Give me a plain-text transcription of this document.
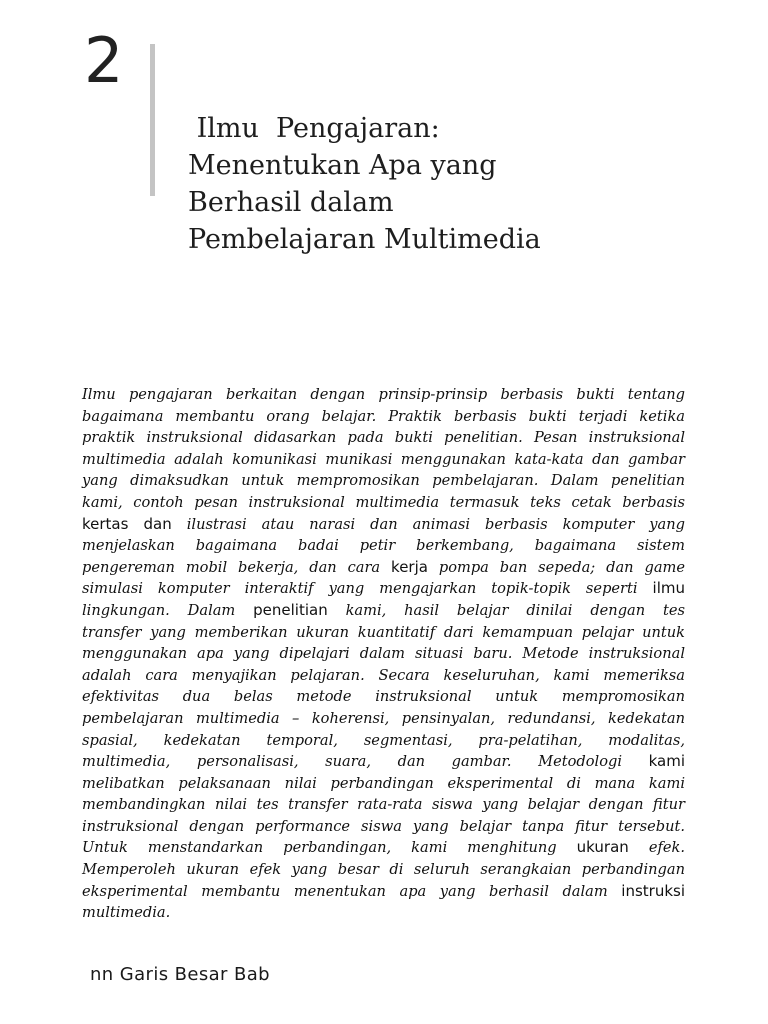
2
Ilmu  Pengajaran:
Menentukan Apa yang
Berhasil dalam
Pembelajaran Multimedia
Ilmu pengajaran berkaitan dengan prinsip-prinsip berbasis bukti tentang
bagaimana membantu orang belajar. Praktik berbasis bukti terjadi ketika
praktik instruksional didasarkan pada bukti penelitian. Pesan instruksional
multimedia adalah komunikasi munikasi menggunakan kata-kata dan gambar
yang dimaksudkan untuk mempromosikan pembelajaran. Dalam penelitian
kami, contoh pesan instruksional multimedia termasuk teks cetak berbasis
kertas dan ilustrasi atau narasi dan animasi berbasis komputer yang
menjelaskan bagaimana badai petir berkembang, bagaimana sistem
pengereman mobil bekerja, dan cara kerja pompa ban sepeda; dan game
simulasi komputer interaktif yang mengajarkan topik-topik seperti ilmu
lingkungan. Dalam penelitian kami, hasil belajar dinilai dengan tes
transfer yang memberikan ukuran kuantitatif dari kemampuan pelajar untuk
menggunakan apa yang dipelajari dalam situasi baru. Metode instruksional
adalah cara menyajikan pelajaran. Secara keseluruhan, kami memeriksa
efektivitas dua belas metode instruksional untuk mempromosikan
pembelajaran multimedia – koherensi, pensinyalan, redundansi, kedekatan
spasial, kedekatan temporal, segmentasi, pra-pelatihan, modalitas,
multimedia, personalisasi, suara, dan gambar. Metodologi kami
melibatkan pelaksanaan nilai perbandingan eksperimental di mana kami
membandingkan nilai tes transfer rata-rata siswa yang belajar dengan fitur
instruksional dengan performance siswa yang belajar tanpa fitur tersebut.
Untuk menstandarkan perbandingan, kami menghitung ukuran efek.
Memperoleh ukuran efek yang besar di seluruh serangkaian perbandingan
eksperimental membantu menentukan apa yang berhasil dalam instruksi
multimedia.
nn Garis Besar Bab
